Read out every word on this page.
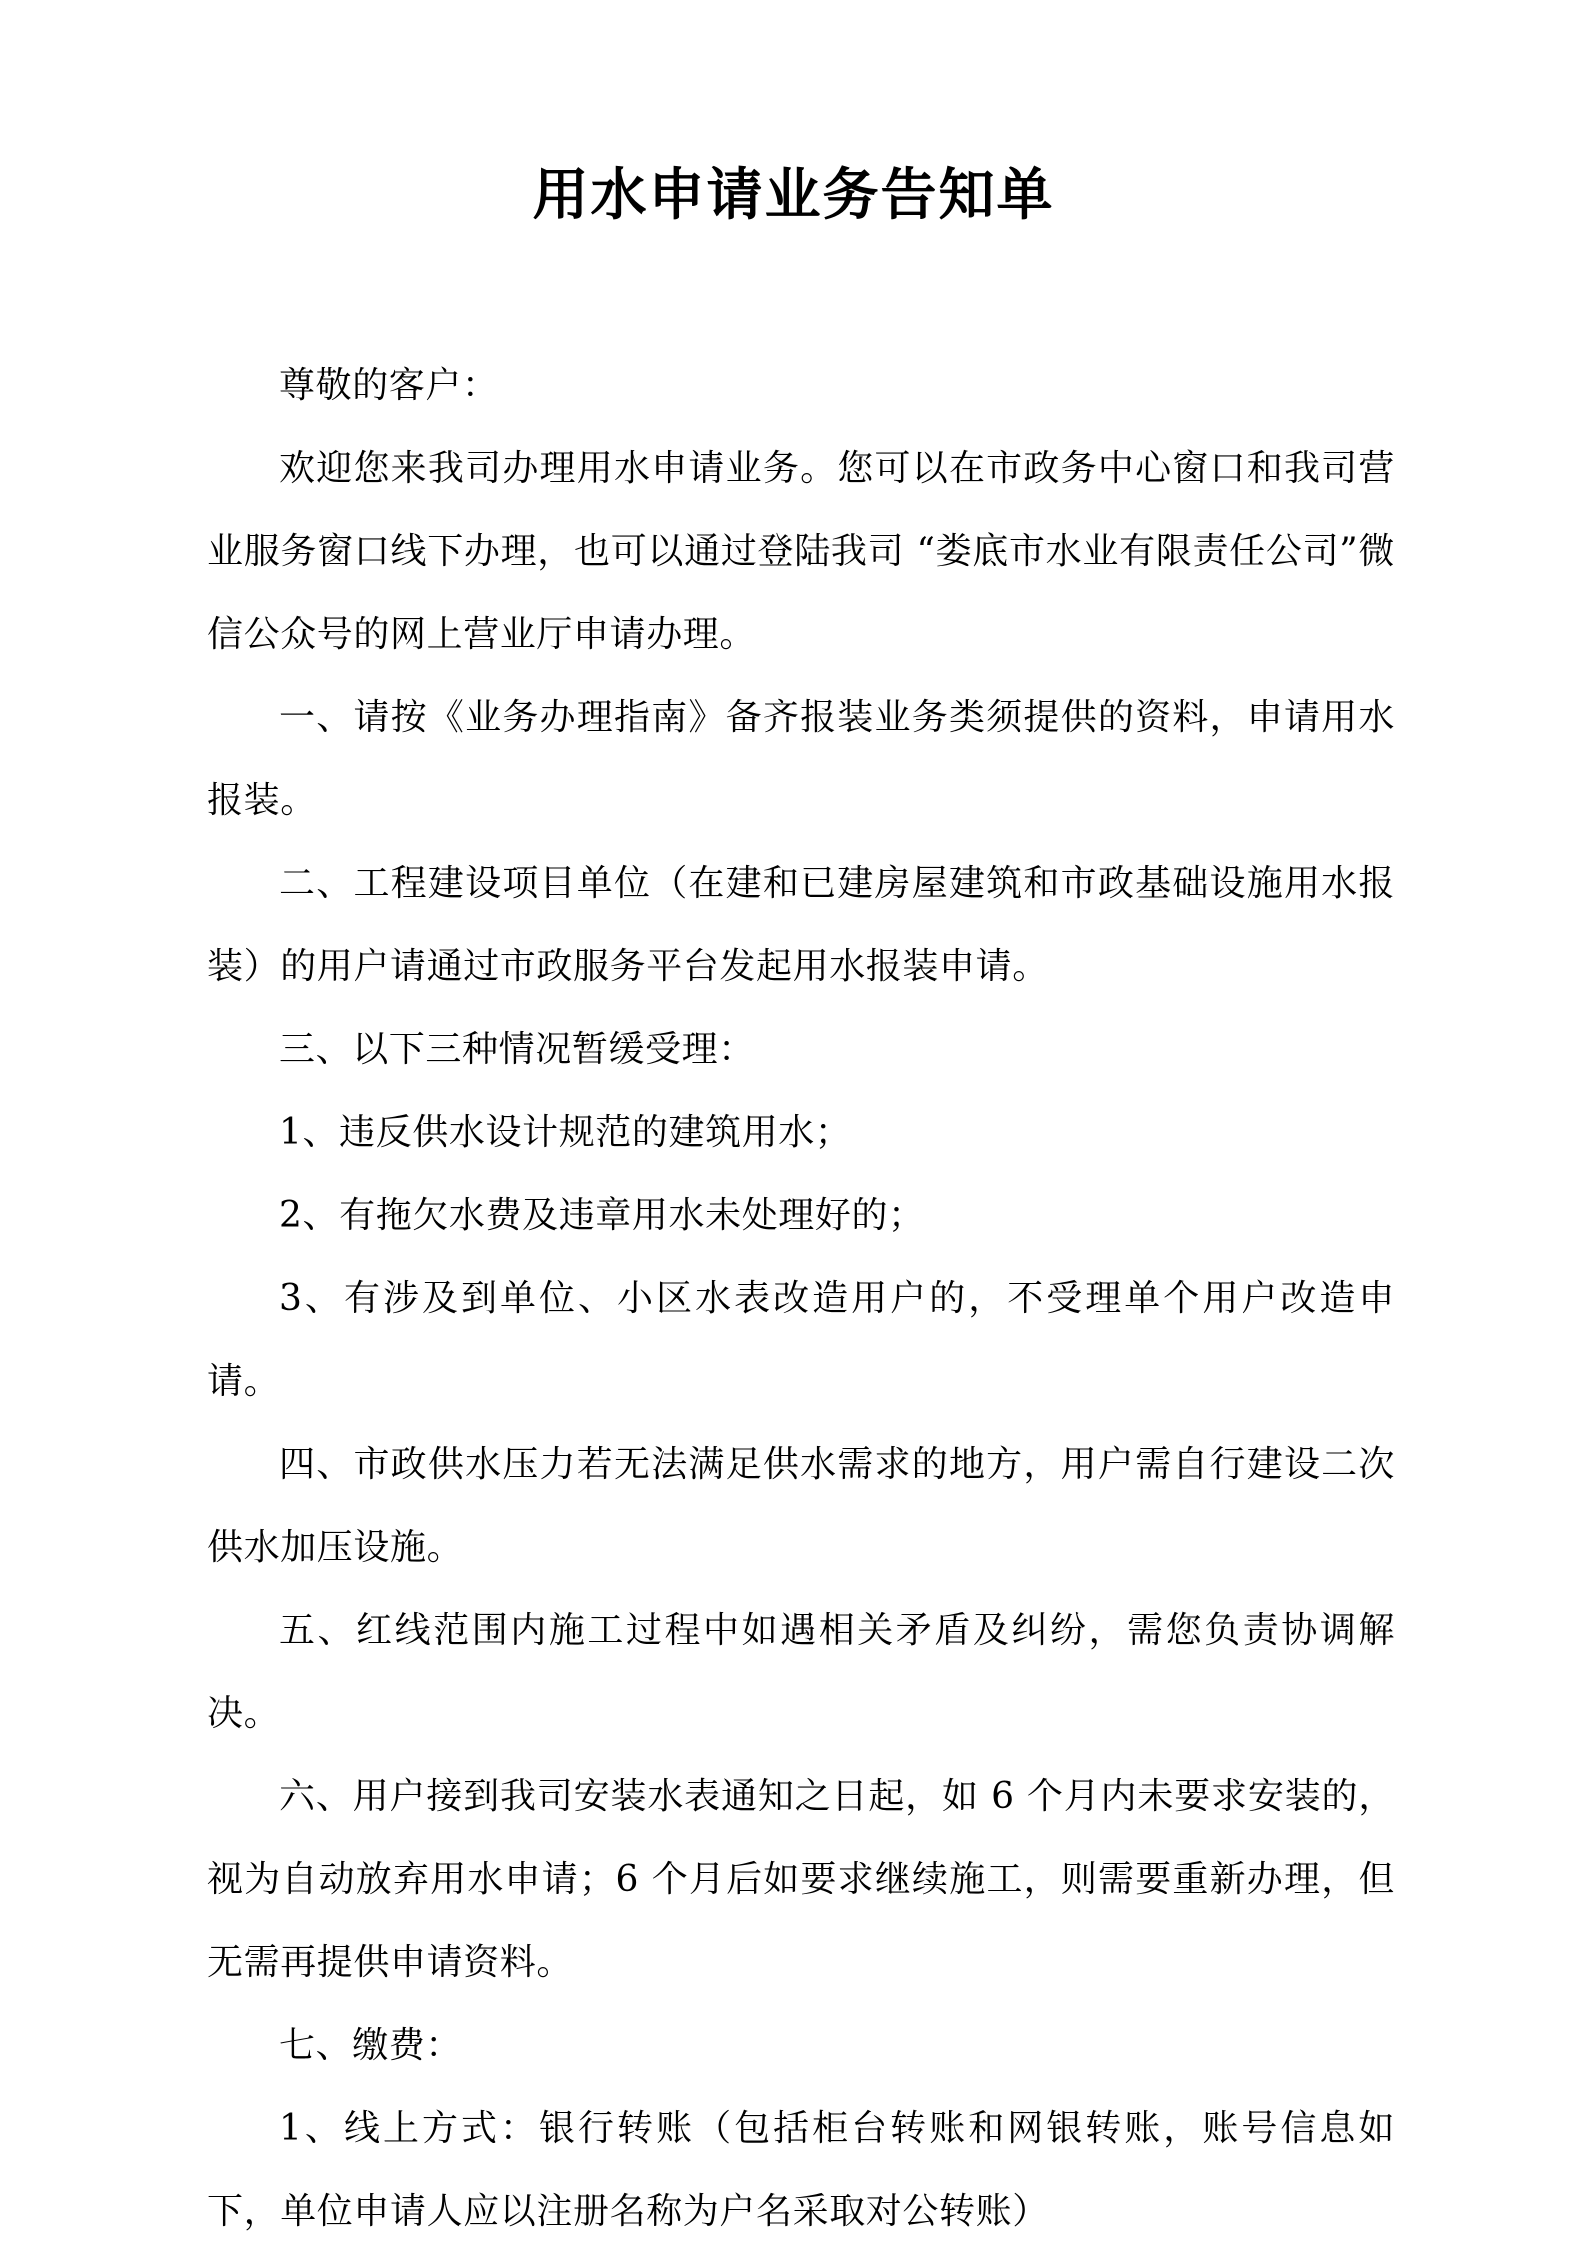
用水申请业务告知单

尊敬的客户：

欢迎您来我司办理用水申请业务。您可以在市政务中心窗口和我司营业服务窗口线下办理，也可以通过登陆我司 “娄底市水业有限责任公司”微信公众号的网上营业厅申请办理。

一、请按《业务办理指南》备齐报装业务类须提供的资料，申请用水报装。

二、工程建设项目单位（在建和已建房屋建筑和市政基础设施用水报装）的用户请通过市政服务平台发起用水报装申请。

三、以下三种情况暂缓受理：

1、违反供水设计规范的建筑用水；

2、有拖欠水费及违章用水未处理好的；

3、有涉及到单位、小区水表改造用户的，不受理单个用户改造申请。

四、市政供水压力若无法满足供水需求的地方，用户需自行建设二次供水加压设施。

五、红线范围内施工过程中如遇相关矛盾及纠纷，需您负责协调解决。

六、用户接到我司安装水表通知之日起，如 6 个月内未要求安装的，视为自动放弃用水申请；6 个月后如要求继续施工，则需要重新办理，但无需再提供申请资料。

七、缴费：

1、线上方式：银行转账（包括柜台转账和网银转账，账号信息如下，单位申请人应以注册名称为户名采取对公转账）
